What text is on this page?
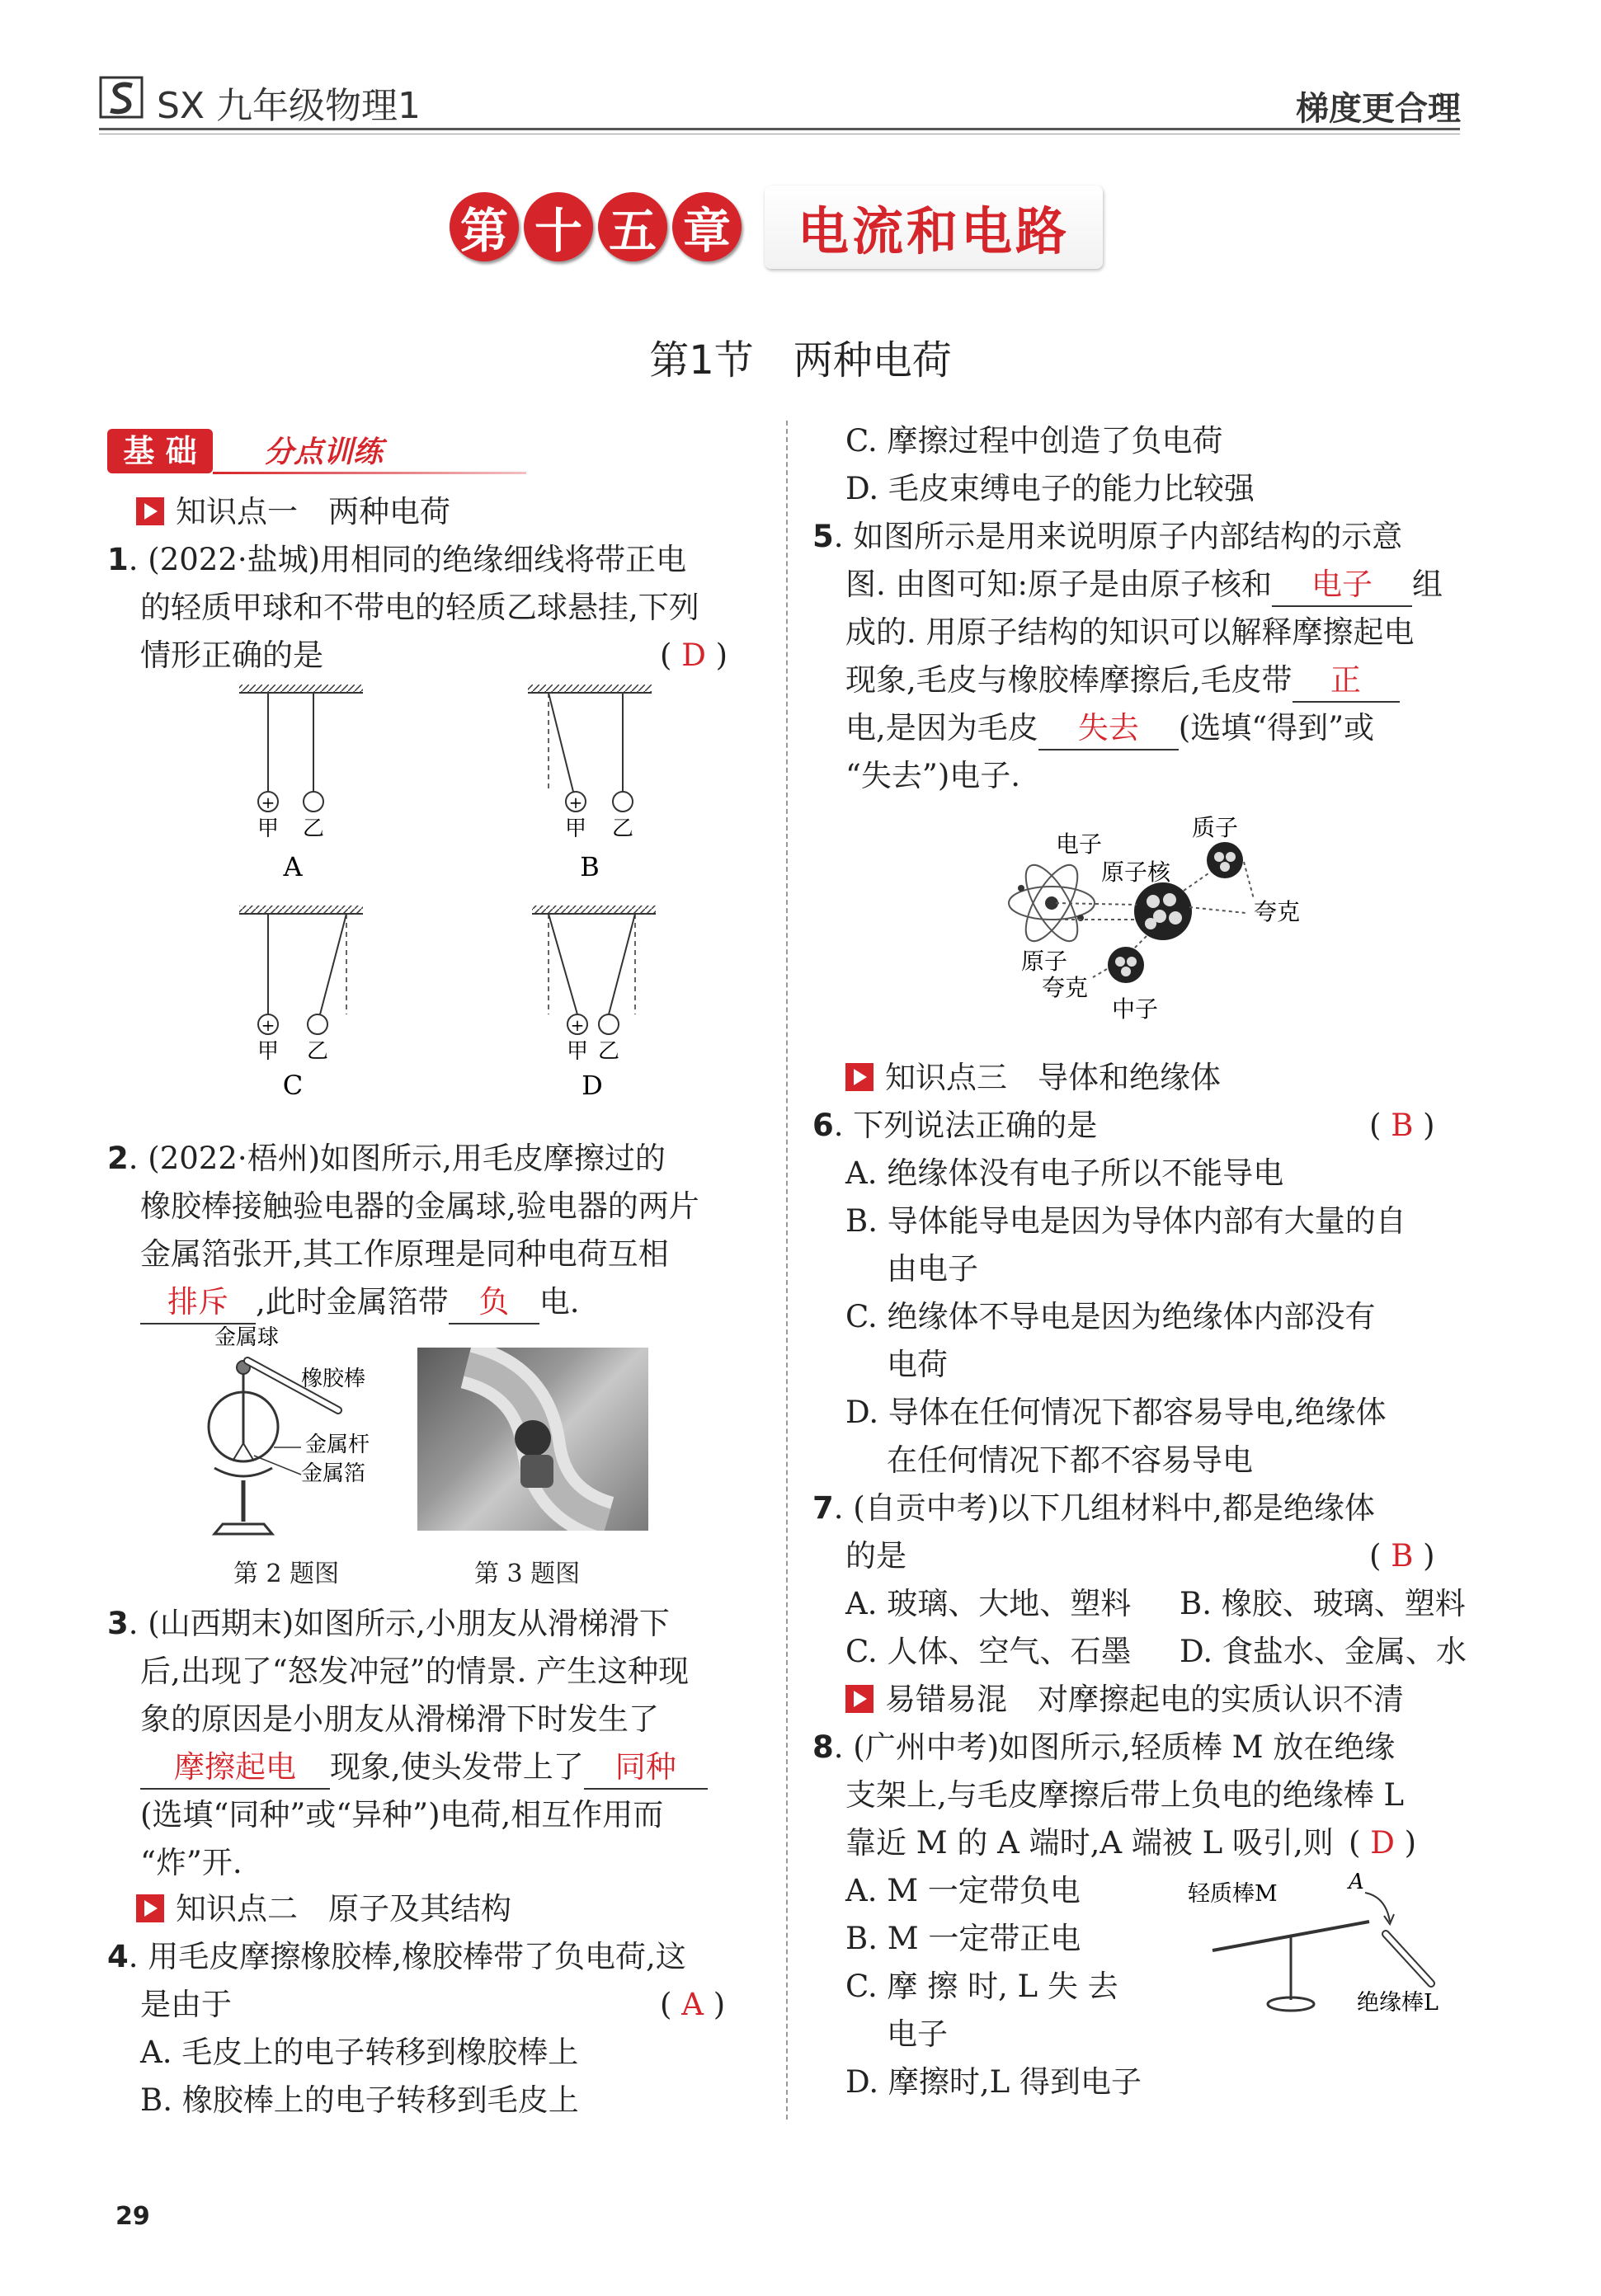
SX 九年级物理1	梯度更合理
第 十 五 章	电流和电路
第1节　两种电荷
基 础	分点训练
知识点一　两种电荷
1. (2022·盐城)用相同的绝缘细线将带正电
的轻质甲球和不带电的轻质乙球悬挂,下列
情形正确的是	( D )
+
甲 乙
A
+
甲 乙
B
+
甲 乙
C
+
甲 乙
D
2. (2022·梧州)如图所示,用毛皮摩擦过的
橡胶棒接触验电器的金属球,验电器的两片
金属箔张开,其工作原理是同种电荷互相
排斥 ,此时金属箔带 负 电.
金属球
橡胶棒
金属杆
金属箔
第 2 题图	第 3 题图
3. (山西期末)如图所示,小朋友从滑梯滑下
后,出现了“怒发冲冠”的情景. 产生这种现
象的原因是小朋友从滑梯滑下时发生了
摩擦起电 现象,使头发带上了 同种
(选填“同种”或“异种”)电荷,相互作用而
“炸”开.
知识点二　原子及其结构
4. 用毛皮摩擦橡胶棒,橡胶棒带了负电荷,这
是由于	( A )
A. 毛皮上的电子转移到橡胶棒上
B. 橡胶棒上的电子转移到毛皮上
C. 摩擦过程中创造了负电荷
D. 毛皮束缚电子的能力比较强
5. 如图所示是用来说明原子内部结构的示意
图. 由图可知:原子是由原子核和 电子 组
成的. 用原子结构的知识可以解释摩擦起电
现象,毛皮与橡胶棒摩擦后,毛皮带 正
电,是因为毛皮 失去 (选填“得到”或
“失去”)电子.
电子
质子
原子核
夸克
原子
夸克
中子
知识点三　导体和绝缘体
6. 下列说法正确的是	( B )
A. 绝缘体没有电子所以不能导电
B. 导体能导电是因为导体内部有大量的自
由电子
C. 绝缘体不导电是因为绝缘体内部没有
电荷
D. 导体在任何情况下都容易导电,绝缘体
在任何情况下都不容易导电
7. (自贡中考)以下几组材料中,都是绝缘体
的是	( B )
A. 玻璃、大地、塑料 B. 橡胶、玻璃、塑料
C. 人体、空气、石墨 D. 食盐水、金属、水
易错易混　对摩擦起电的实质认识不清
8. (广州中考)如图所示,轻质棒 M 放在绝缘
支架上,与毛皮摩擦后带上负电的绝缘棒 L
靠近 M 的 A 端时,A 端被 L 吸引,则 ( D )
A. M 一定带负电
B. M 一定带正电
C. 摩 擦 时, L 失 去
电子
D. 摩擦时,L 得到电子
轻质棒M	A
绝缘棒L
29
